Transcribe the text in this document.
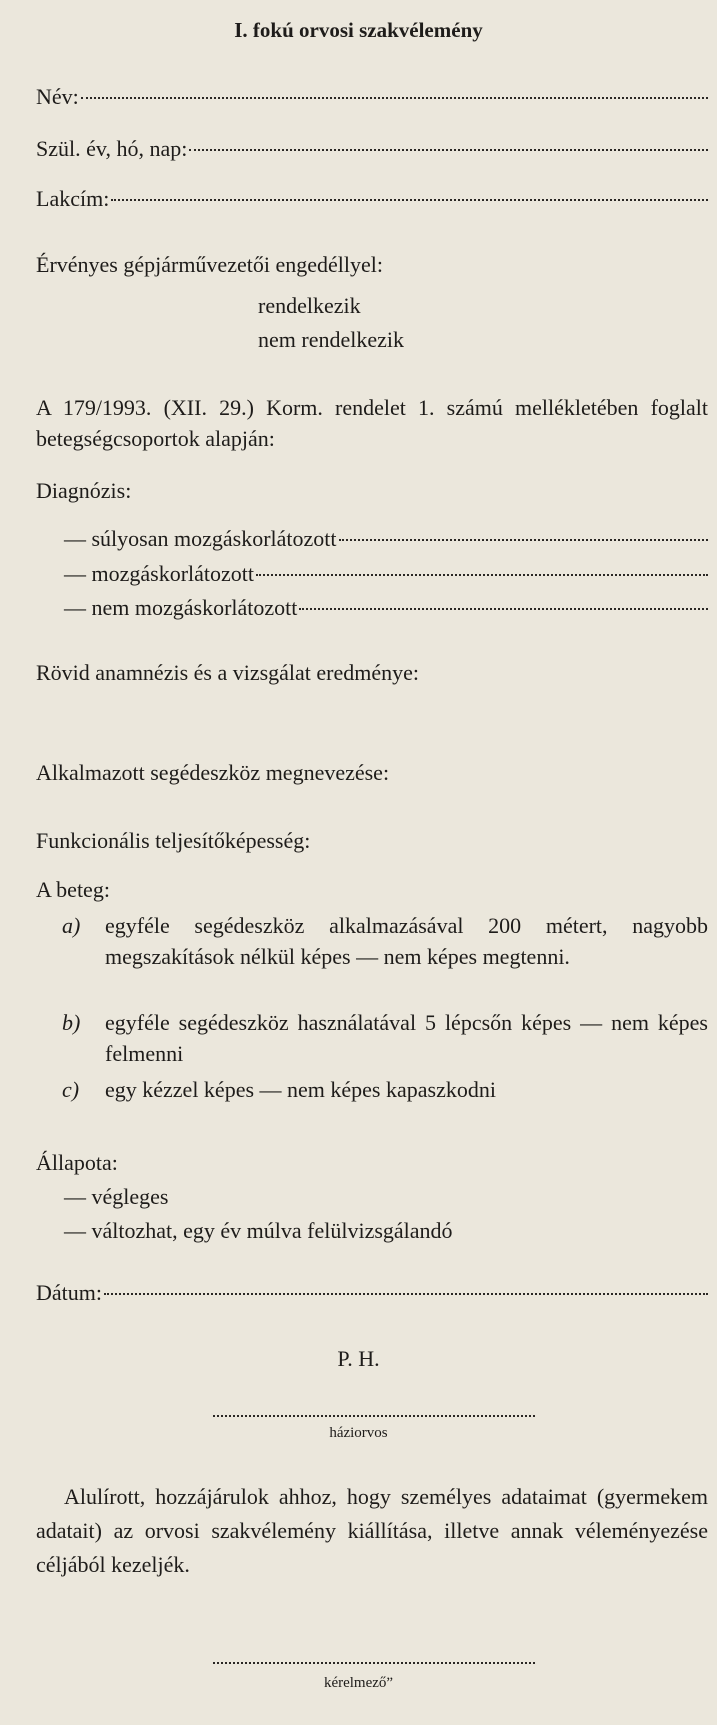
I. fokú orvosi szakvélemény
Név:
Szül. év, hó, nap:
Lakcím:
Érvényes gépjárművezetői engedéllyel:
rendelkezik
nem rendelkezik
A 179/1993. (XII. 29.) Korm. rendelet 1. számú mellékletében foglalt betegségcsoportok alapján:
Diagnózis:
— súlyosan mozgáskorlátozott
— mozgáskorlátozott
— nem mozgáskorlátozott
Rövid anamnézis és a vizsgálat eredménye:
Alkalmazott segédeszköz megnevezése:
Funkcionális teljesítőképesség:
A beteg:
a) egyféle segédeszköz alkalmazásával 200 métert, nagyobb megszakítások nélkül képes — nem képes megtenni.
b) egyféle segédeszköz használatával 5 lépcsőn képes — nem képes felmenni
c) egy kézzel képes — nem képes kapaszkodni
Állapota:
— végleges
— változhat, egy év múlva felülvizsgálandó
Dátum:
P. H.
háziorvos
Alulírott, hozzájárulok ahhoz, hogy személyes adataimat (gyermekem adatait) az orvosi szakvélemény kiállítása, illetve annak véleményezése céljából kezeljék.
kérelmező”
